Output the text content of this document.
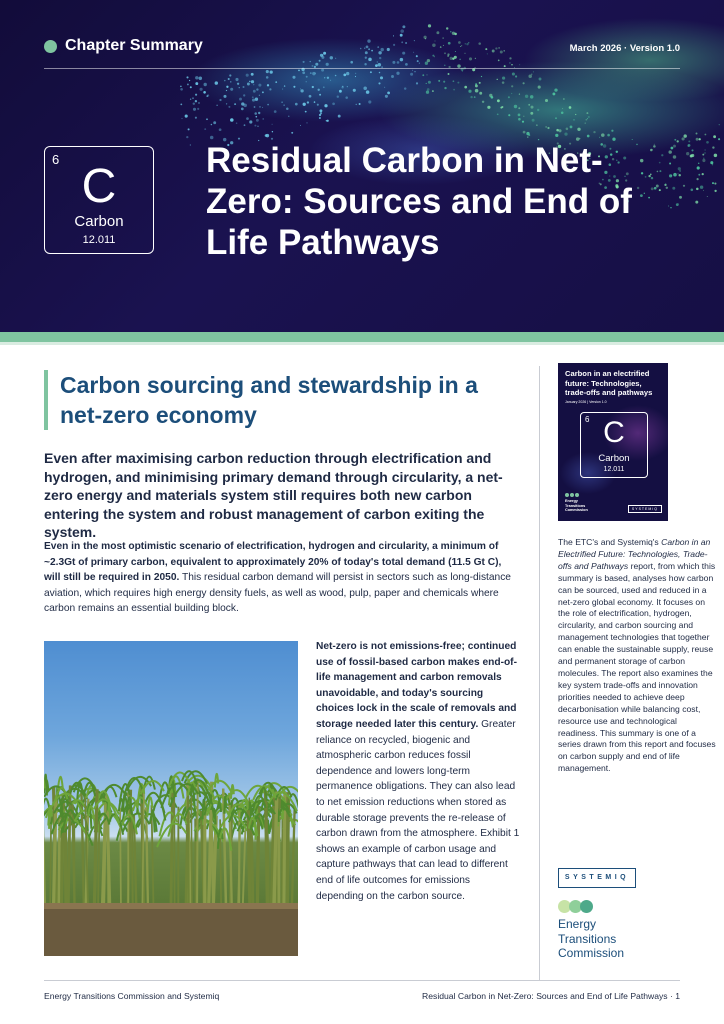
Chapter Summary	March 2026 · Version 1.0
6
C
Carbon
12.011
Residual Carbon in Net-Zero: Sources and End of Life Pathways
Carbon sourcing and stewardship in a net-zero economy

Even after maximising carbon reduction through electrification and hydrogen, and minimising primary demand through circularity, a net-zero energy and materials system still requires both new carbon entering the system and robust management of carbon exiting the system.

Even in the most optimistic scenario of electrification, hydrogen and circularity, a minimum of ~2.3Gt of primary carbon, equivalent to approximately 20% of today's total demand (11.5 Gt C), will still be required in 2050. This residual carbon demand will persist in sectors such as long-distance aviation, which requires high energy density fuels, as well as wood, pulp, paper and chemicals where carbon remains an essential building block.

Net-zero is not emissions-free; continued use of fossil-based carbon makes end-of-life management and carbon removals unavoidable, and today's sourcing choices lock in the scale of removals and storage needed later this century. Greater reliance on recycled, biogenic and atmospheric carbon reduces fossil dependence and lowers long-term permanence obligations. They can also lead to net emission reductions when stored as durable storage prevents the re-release of carbon drawn from the atmosphere. Exhibit 1 shows an example of carbon usage and capture pathways that can lead to different end of life outcomes for emissions depending on the carbon source.

Carbon in an electrified future: Technologies, trade-offs and pathways
January 2026 | Version 1.0
6 C
Carbon
12.011
Energy
Transitions
Commission	SYSTEMIQ

The ETC's and Systemiq's Carbon in an Electrified Future: Technologies, Trade-offs and Pathways report, from which this summary is based, analyses how carbon can be sourced, used and reduced in a net-zero global economy. It focuses on the role of electrification, hydrogen, circularity, and carbon sourcing and management technologies that together can enable the sustainable supply, reuse and permanent storage of carbon molecules. The report also examines the key system trade-offs and innovation priorities needed to achieve deep decarbonisation while balancing cost, resource use and technological readiness. This summary is one of a series drawn from this report and focuses on carbon supply and end of life management.

SYSTEMIQ
Energy
Transitions
Commission
Energy Transitions Commission and Systemiq	Residual Carbon in Net-Zero: Sources and End of Life Pathways · 1
